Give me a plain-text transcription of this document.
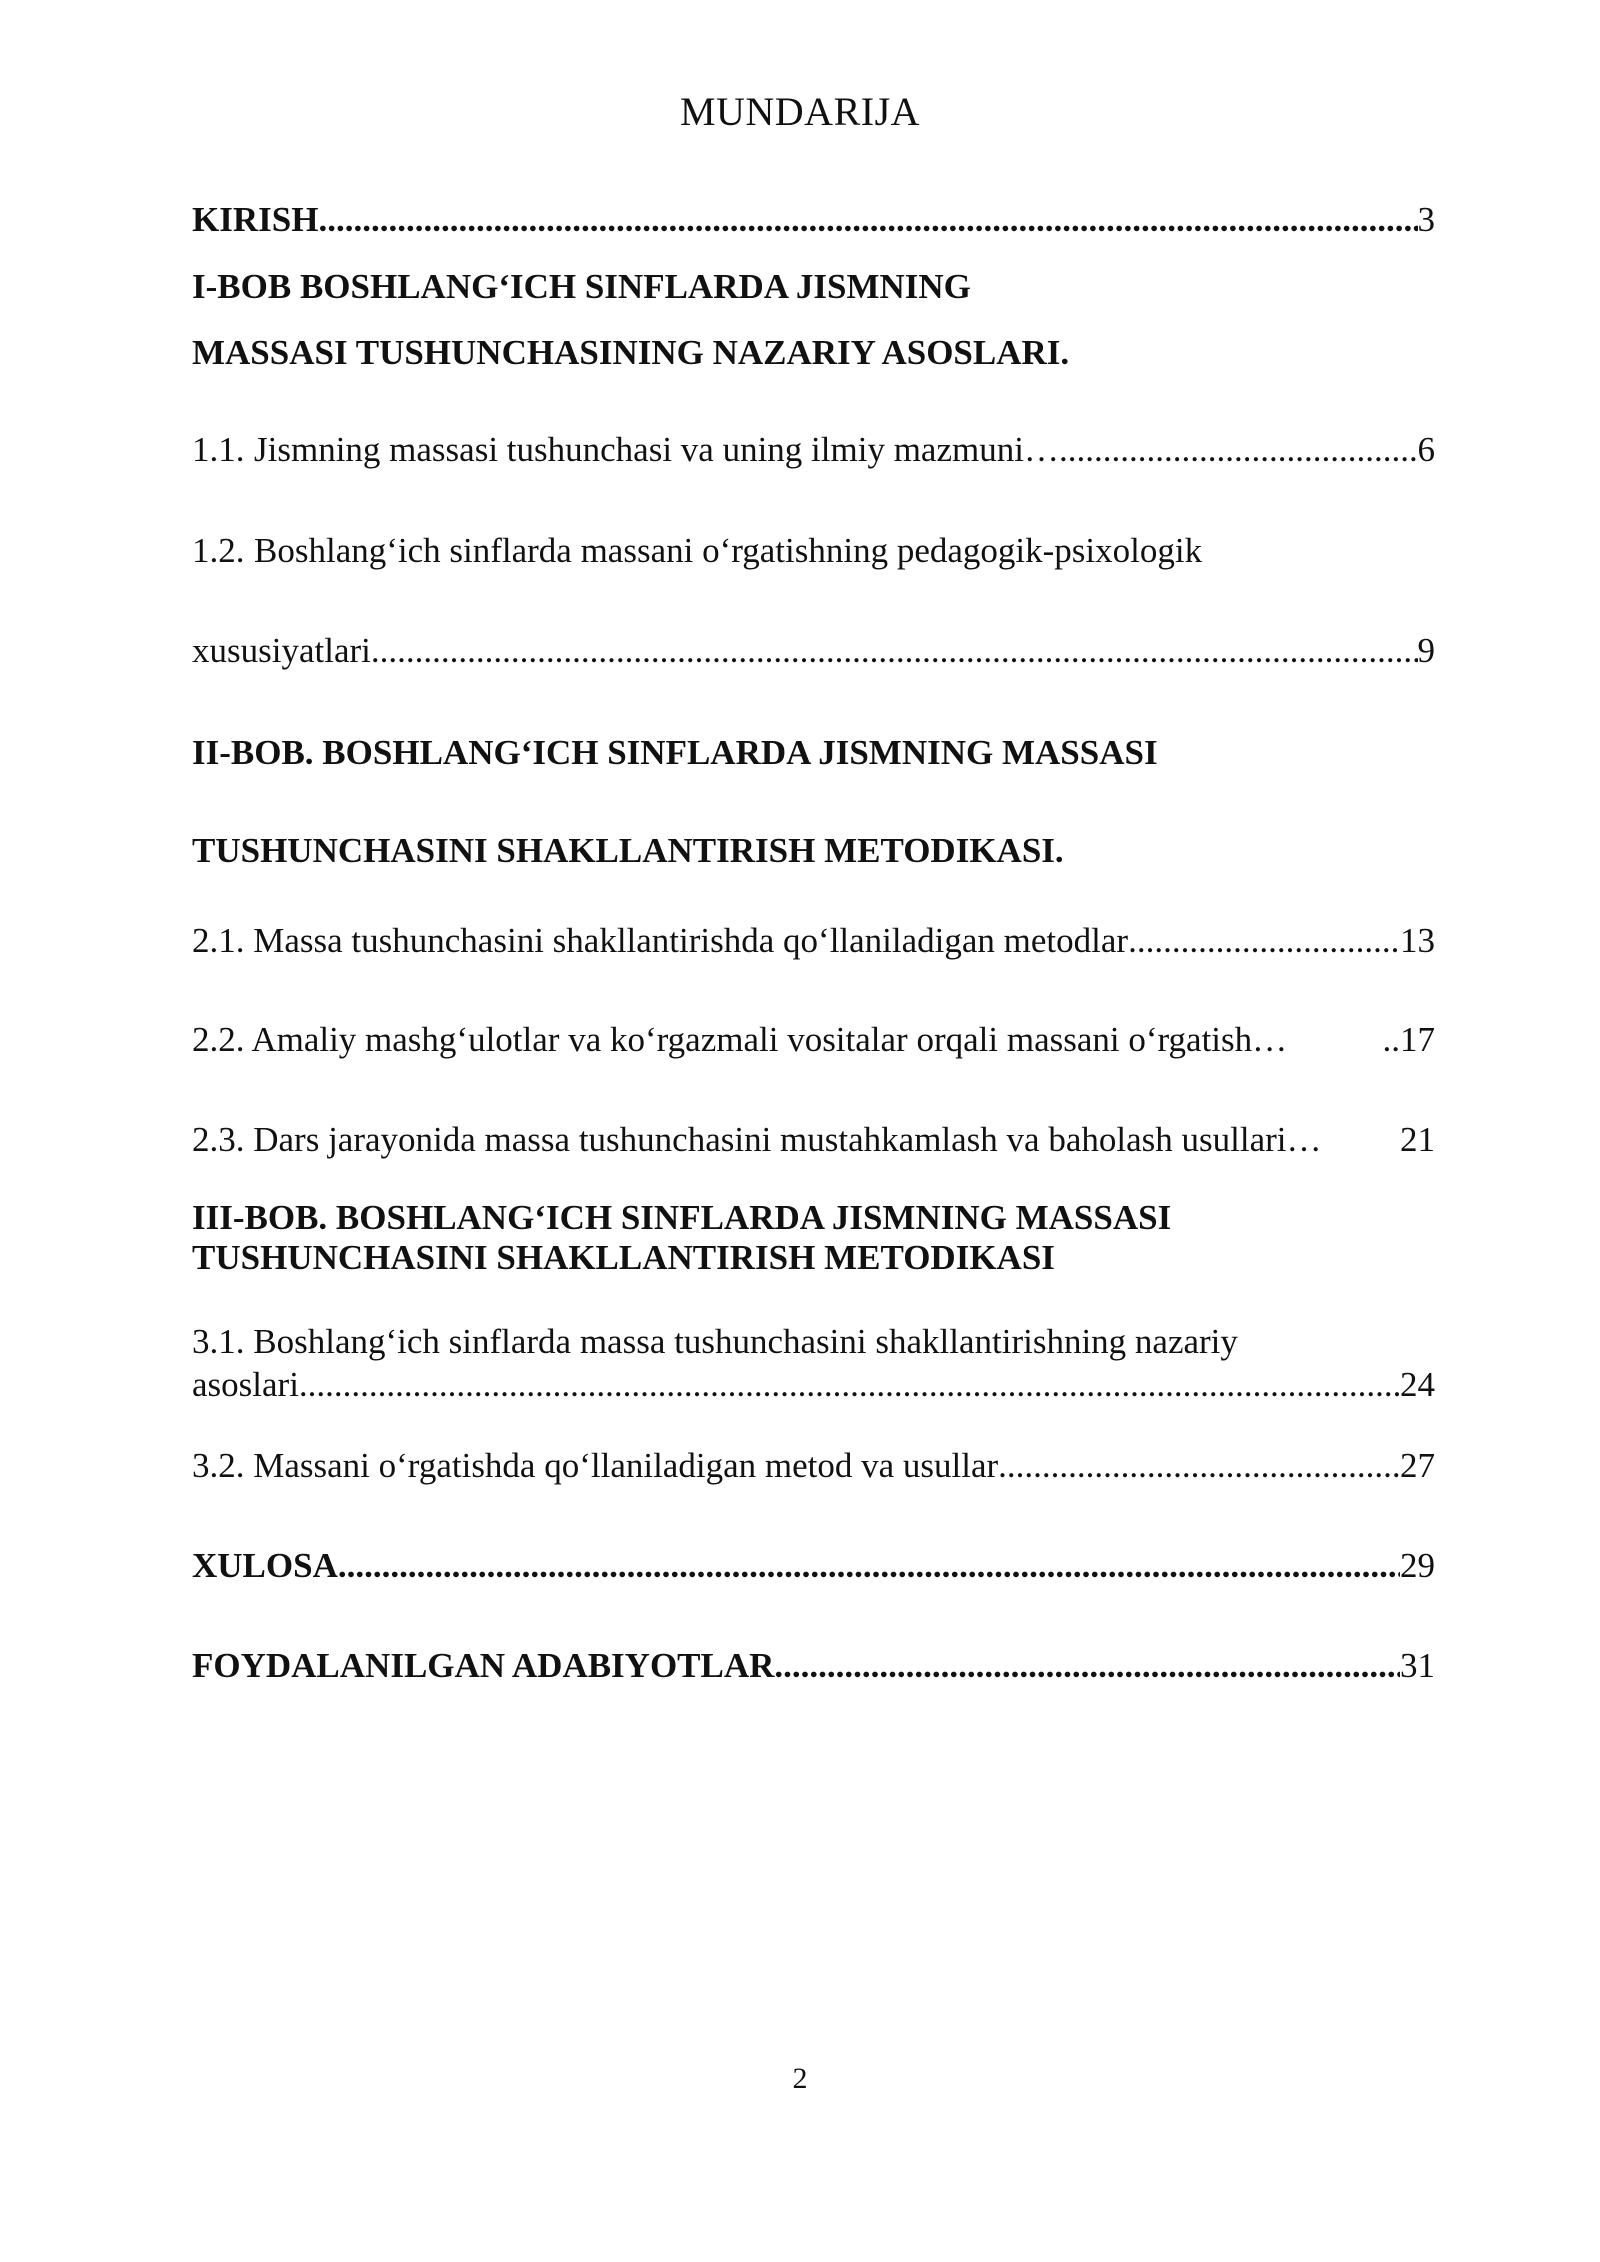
MUNDARIJA
KIRISH .....	3
I-BOB BOSHLANG‘ICH SINFLARDA JISMNING
MASSASI TUSHUNCHASINING NAZARIY ASOSLARI.
1.1. Jismning massasi tushunchasi va uning ilmiy mazmuni… .....	6
1.2. Boshlang‘ich sinflarda massani o‘rgatishning pedagogik-psixologik
xususiyatlari .....	9
II-BOB. BOSHLANG‘ICH SINFLARDA JISMNING MASSASI
TUSHUNCHASINI SHAKLLANTIRISH METODIKASI.
2.1. Massa tushunchasini shakllantirishda qo‘llaniladigan metodlar .....	13
2.2. Amaliy mashg‘ulotlar va ko‘rgazmali vositalar orqali massani o‘rgatish…	..17
2.3. Dars jarayonida massa tushunchasini mustahkamlash va baholash usullari… 21
III-BOB. BOSHLANG‘ICH SINFLARDA JISMNING MASSASI
TUSHUNCHASINI SHAKLLANTIRISH METODIKASI
3.1. Boshlang‘ich sinflarda massa tushunchasini shakllantirishning nazariy
asoslari .....	24
3.2. Massani o‘rgatishda qo‘llaniladigan metod va usullar .....	27
XULOSA .....	29
FOYDALANILGAN ADABIYOTLAR .....	31
2
